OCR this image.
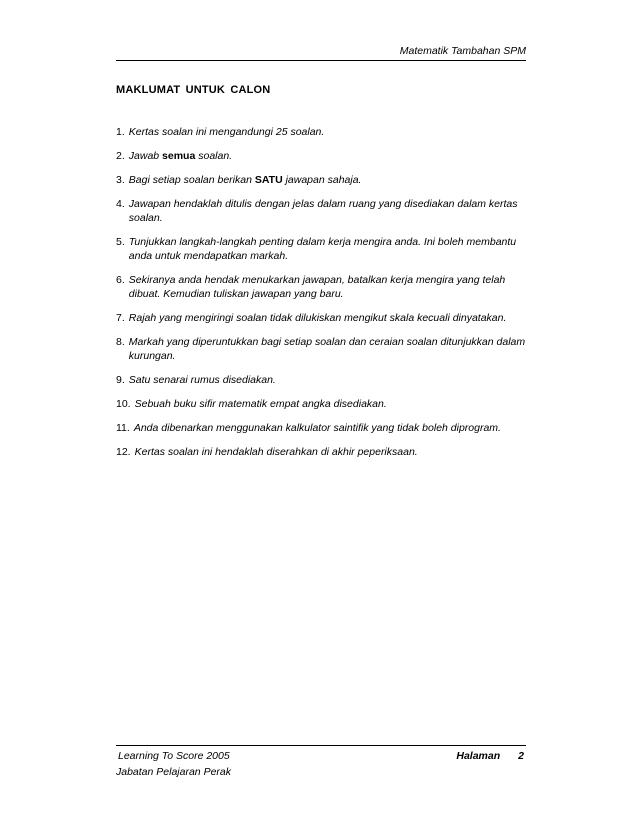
Matematik Tambahan SPM
MAKLUMAT UNTUK CALON
1. Kertas soalan ini mengandungi 25 soalan.
2. Jawab semua soalan.
3. Bagi setiap soalan berikan SATU jawapan sahaja.
4. Jawapan hendaklah ditulis dengan jelas dalam ruang yang disediakan dalam kertas soalan.
5. Tunjukkan langkah-langkah penting dalam kerja mengira anda. Ini boleh membantu anda untuk mendapatkan markah.
6. Sekiranya anda hendak menukarkan jawapan, batalkan kerja mengira yang telah dibuat. Kemudian tuliskan jawapan yang baru.
7. Rajah yang mengiringi soalan tidak dilukiskan mengikut skala kecuali dinyatakan.
8. Markah yang diperuntukkan bagi setiap soalan dan ceraian soalan ditunjukkan dalam kurungan.
9. Satu senarai rumus disediakan.
10. Sebuah buku sifir matematik empat angka disediakan.
11. Anda dibenarkan menggunakan kalkulator saintifik yang tidak boleh diprogram.
12. Kertas soalan ini hendaklah diserahkan di akhir peperiksaan.
Learning To Score 2005
Jabatan Pelajaran Perak
Halaman 2
